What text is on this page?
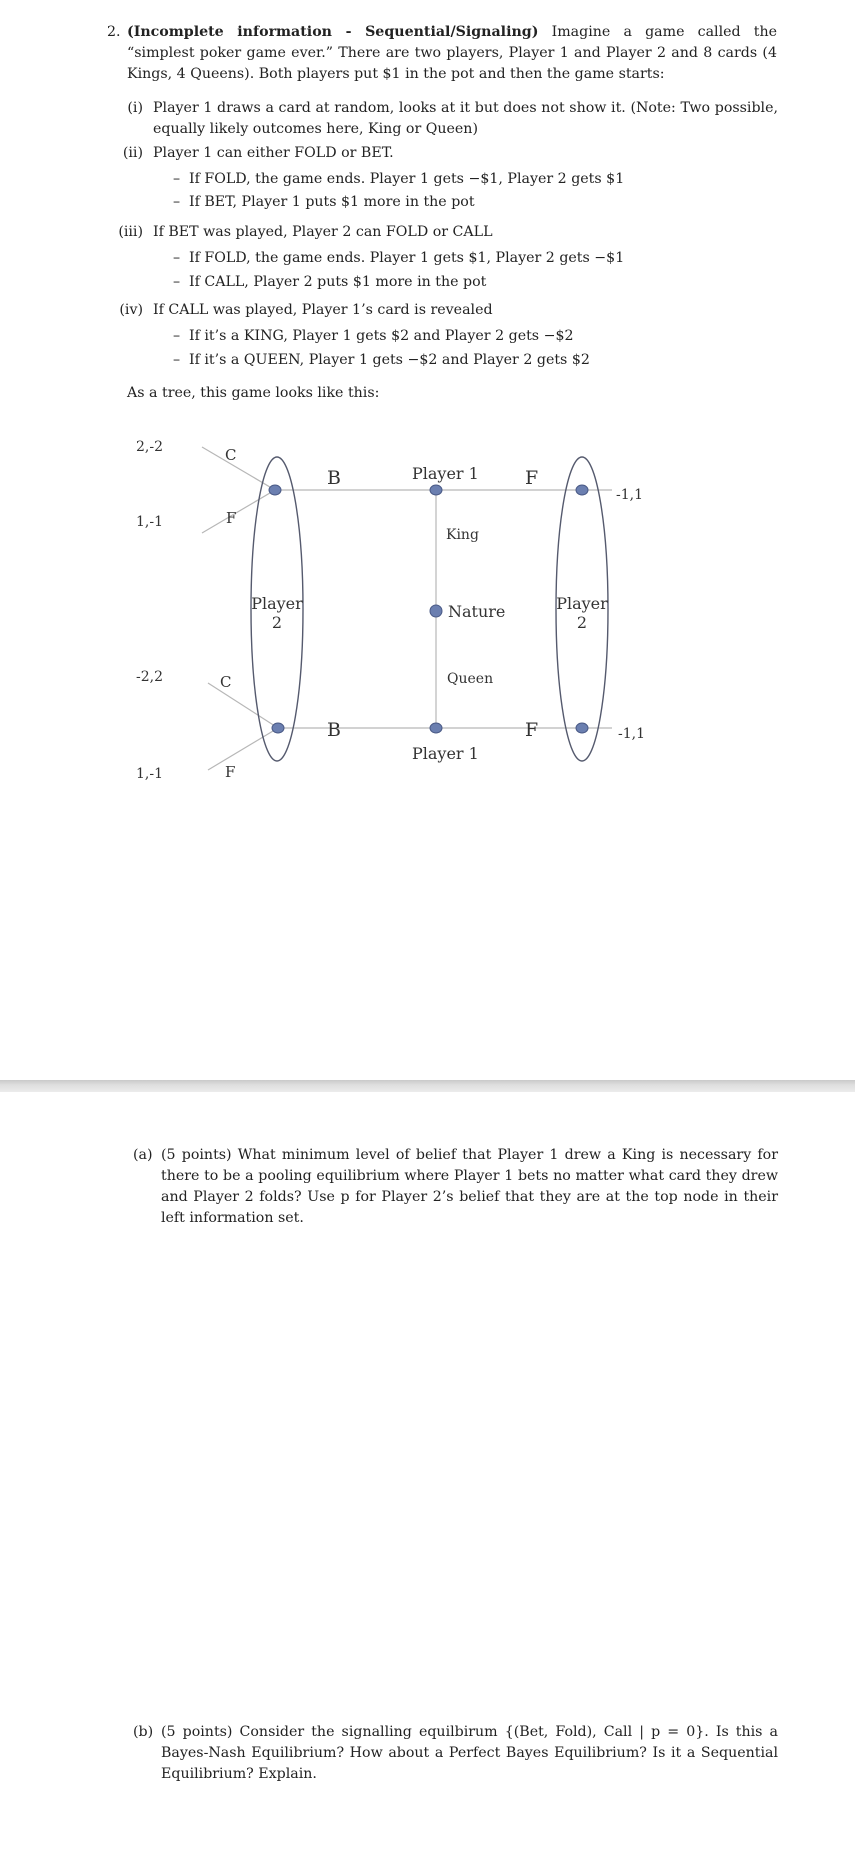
2. (Incomplete information - Sequential/Signaling) Imagine a game called the “simplest poker game ever.” There are two players, Player 1 and Player 2 and 8 cards (4 Kings, 4 Queens). Both players put $1 in the pot and then the game starts:
(i) Player 1 draws a card at random, looks at it but does not show it. (Note: Two possible, equally likely outcomes here, King or Queen)
(ii) Player 1 can either FOLD or BET.
– If FOLD, the game ends. Player 1 gets −$1, Player 2 gets $1
– If BET, Player 1 puts $1 more in the pot
(iii) If BET was played, Player 2 can FOLD or CALL
– If FOLD, the game ends. Player 1 gets $1, Player 2 gets −$1
– If CALL, Player 2 puts $1 more in the pot
(iv) If CALL was played, Player 1’s card is revealed
– If it’s a KING, Player 1 gets $2 and Player 2 gets −$2
– If it’s a QUEEN, Player 1 gets −$2 and Player 2 gets $2
As a tree, this game looks like this:
2,-2
1,-1
-2,2
1,-1
C
F
C
F
B
B
F
F
Player 1
Player 1
Nature
King
Queen
Player
2
Player
2
-1,1
-1,1
(a) (5 points) What minimum level of belief that Player 1 drew a King is necessary for there to be a pooling equilibrium where Player 1 bets no matter what card they drew and Player 2 folds? Use p for Player 2’s belief that they are at the top node in their left information set.
(b) (5 points) Consider the signalling equilbirum {(Bet, Fold), Call | p = 0}. Is this a Bayes-Nash Equilibrium? How about a Perfect Bayes Equilibrium? Is it a Sequential Equilibrium? Explain.
